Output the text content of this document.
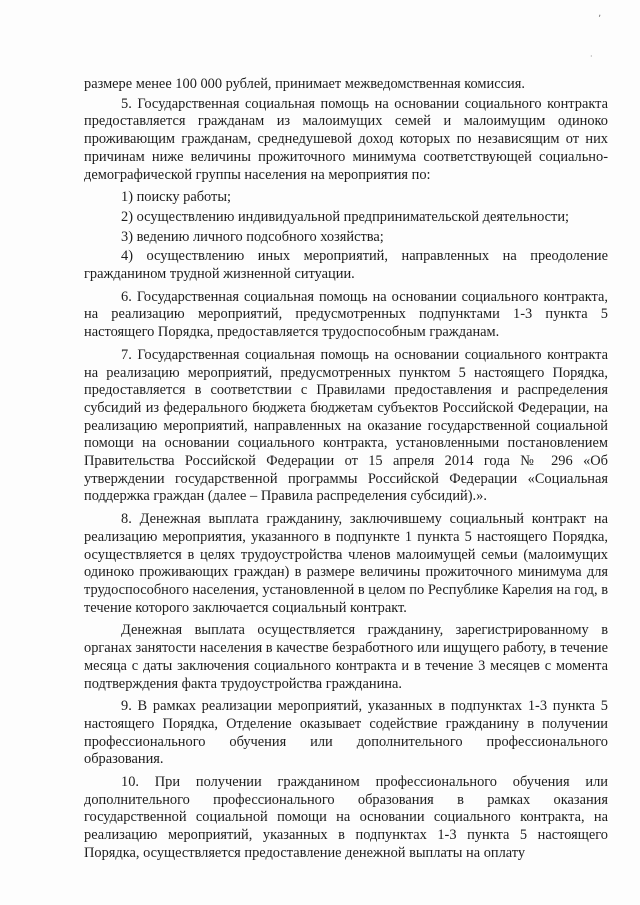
ʼ
·

размере менее 100 000 рублей, принимает межведомственная комиссия.

5. Государственная социальная помощь на основании социального контракта предоставляется гражданам из малоимущих семей и малоимущим одиноко проживающим гражданам, среднедушевой доход которых по независящим от них причинам ниже величины прожиточного минимума соответствующей социально-демографической группы населения на мероприятия по:

1) поиску работы;

2) осуществлению индивидуальной предпринимательской деятельности;

3) ведению личного подсобного хозяйства;

4) осуществлению иных мероприятий, направленных на преодоление гражданином трудной жизненной ситуации.

6. Государственная социальная помощь на основании социального контракта, на реализацию мероприятий, предусмотренных подпунктами 1-3 пункта 5 настоящего Порядка, предоставляется трудоспособным гражданам.

7. Государственная социальная помощь на основании социального контракта на реализацию мероприятий, предусмотренных пунктом 5 настоящего Порядка, предоставляется в соответствии с Правилами предоставления и распределения субсидий из федерального бюджета бюджетам субъектов Российской Федерации, на реализацию мероприятий, направленных на оказание государственной социальной помощи на основании социального контракта, установленными постановлением Правительства Российской Федерации от 15 апреля 2014 года № 296 «Об утверждении государственной программы Российской Федерации «Социальная поддержка граждан (далее – Правила распределения субсидий).».

8. Денежная выплата гражданину, заключившему социальный контракт на реализацию мероприятия, указанного в подпункте 1 пункта 5 настоящего Порядка, осуществляется в целях трудоустройства членов малоимущей семьи (малоимущих одиноко проживающих граждан) в размере величины прожиточного минимума для трудоспособного населения, установленной в целом по Республике Карелия на год, в течение которого заключается социальный контракт.

Денежная выплата осуществляется гражданину, зарегистрированному в органах занятости населения в качестве безработного или ищущего работу, в течение месяца с даты заключения социального контракта и в течение 3 месяцев с момента подтверждения факта трудоустройства гражданина.

9. В рамках реализации мероприятий, указанных в подпунктах 1-3 пункта 5 настоящего Порядка, Отделение оказывает содействие гражданину в получении профессионального обучения или дополнительного профессионального образования.

10. При получении гражданином профессионального обучения или дополнительного профессионального образования в рамках оказания государственной социальной помощи на основании социального контракта, на реализацию мероприятий, указанных в подпунктах 1-3 пункта 5 настоящего Порядка, осуществляется предоставление денежной выплаты на оплату
